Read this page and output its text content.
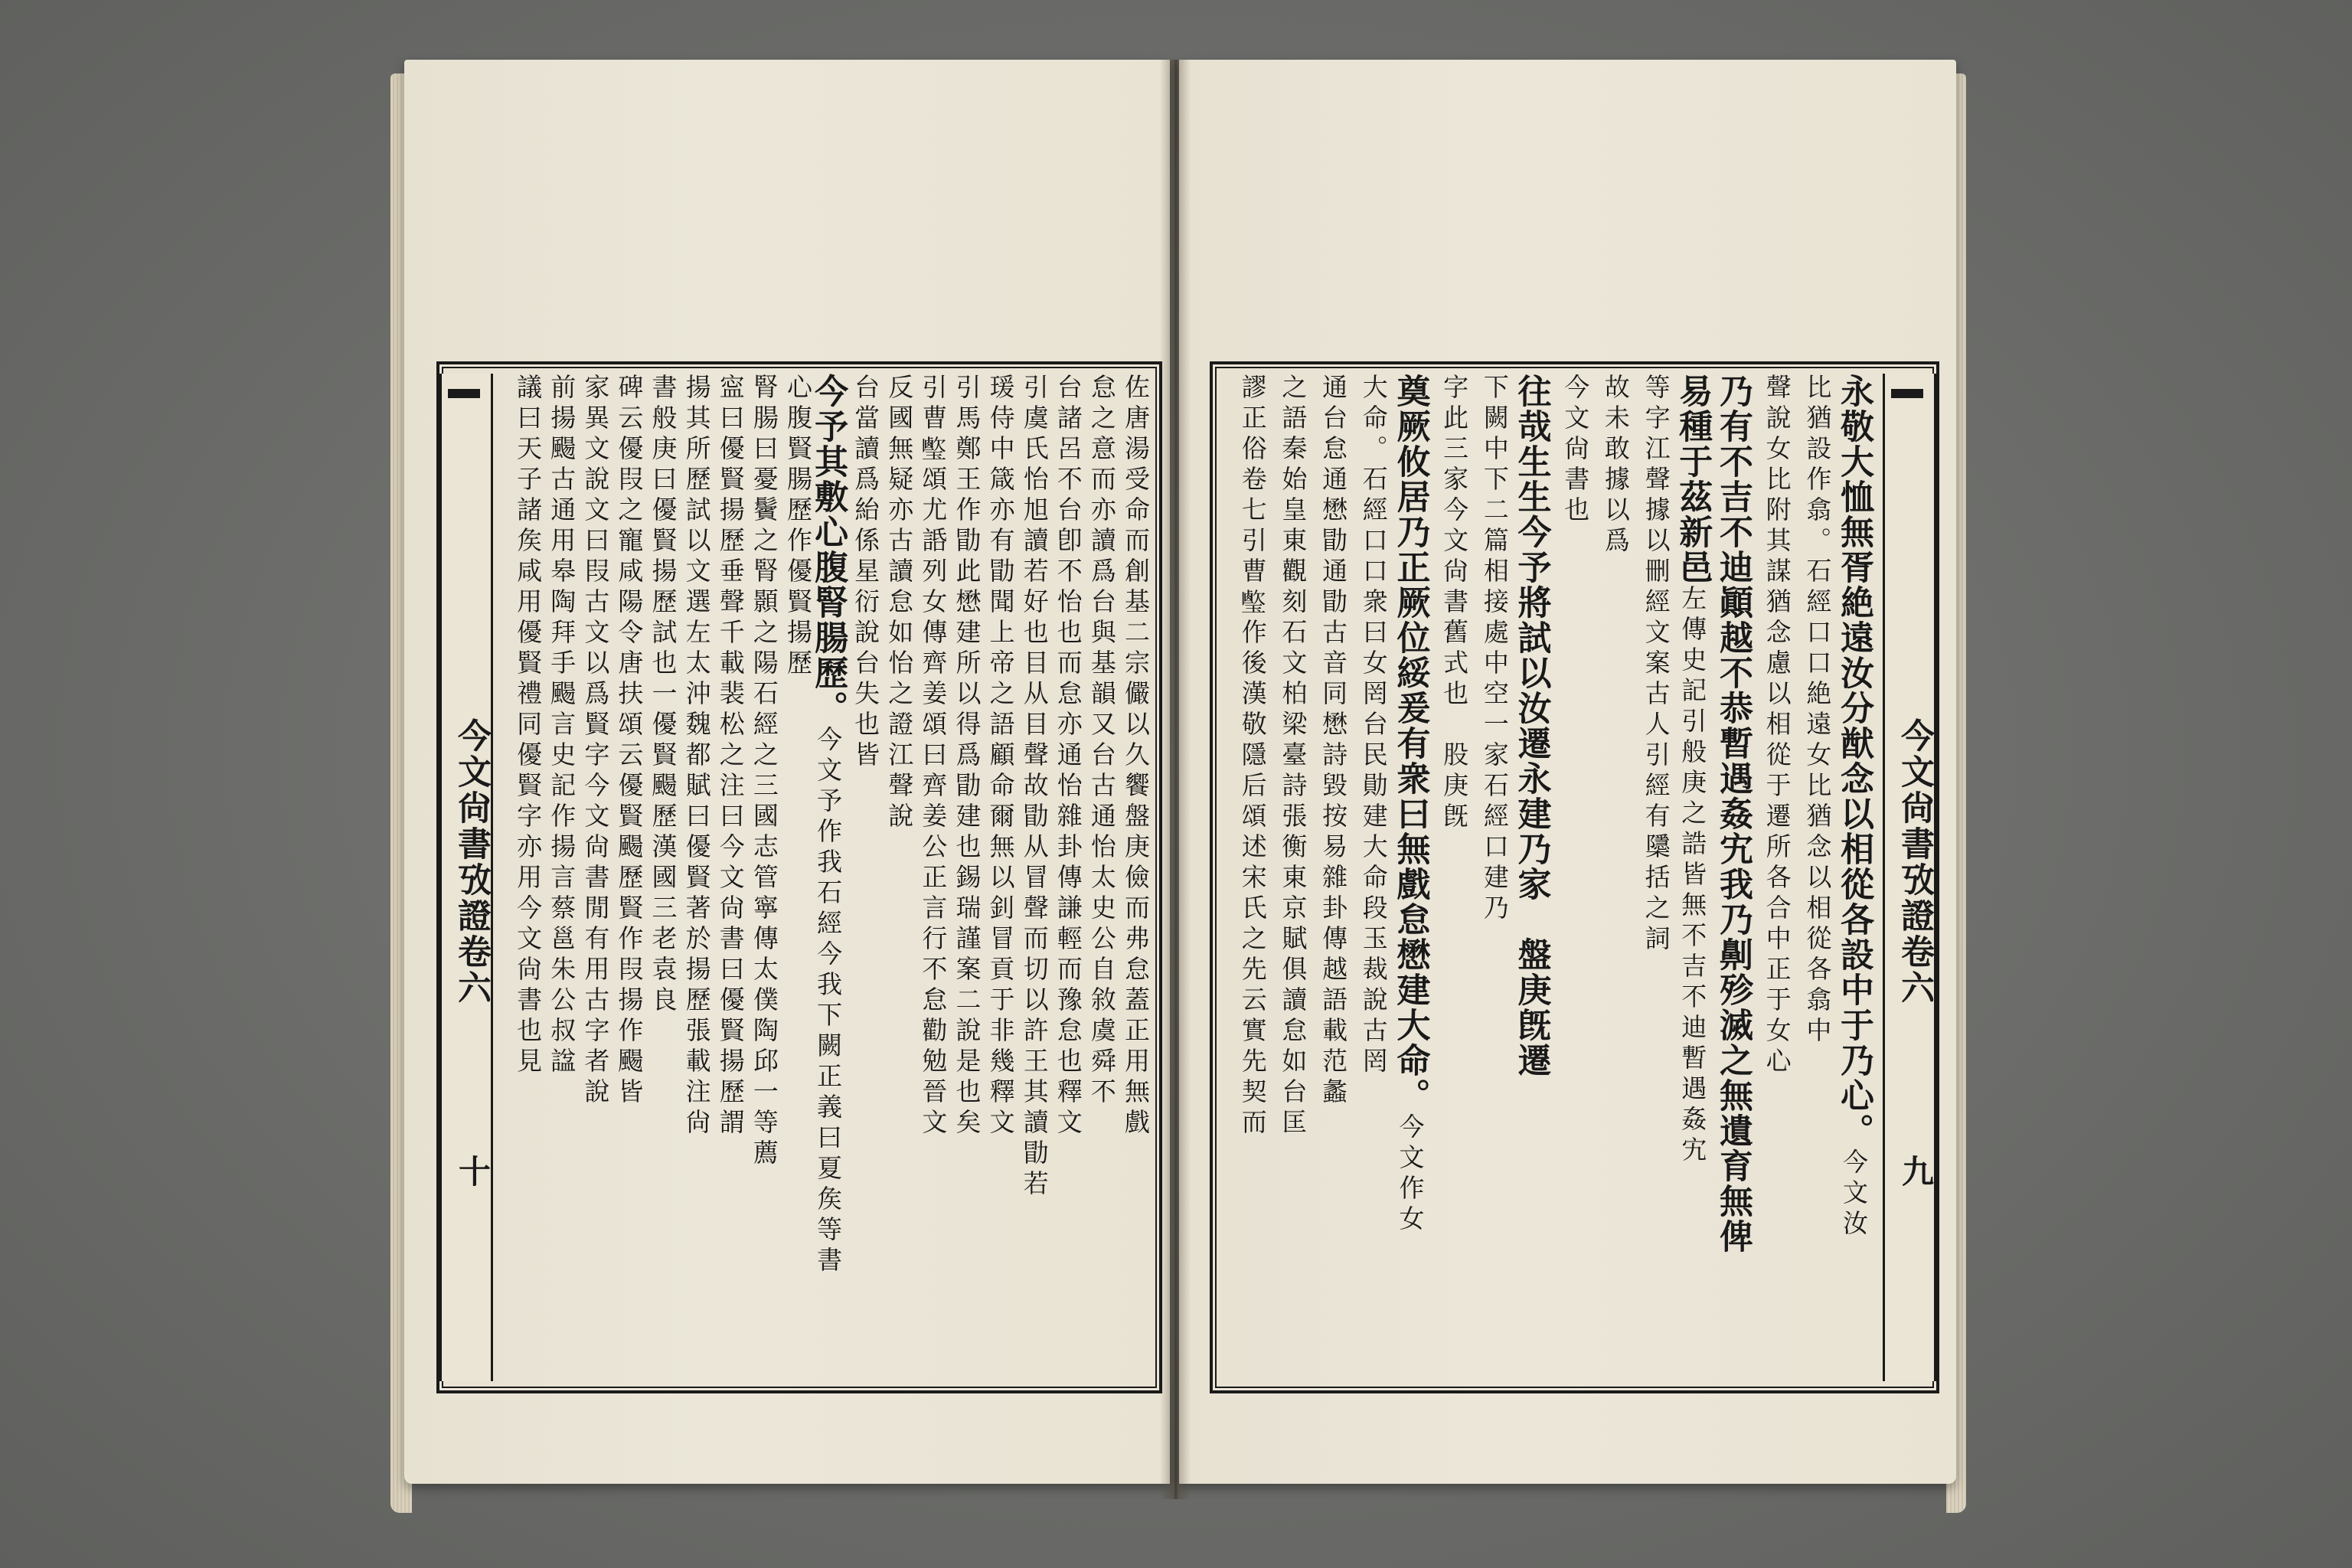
今文尙書攷證卷六
十
佐唐湯受命而創基二宗儼以久饗盤庚儉而弗怠蓋正用無戲
怠之意而亦讀爲台與基韻又台古通怡太史公自敘虞舜不
台諸呂不台卽不怡也而怠亦通怡雜卦傳謙輕而豫怠也釋文
引虞氏怡旭讀若好也目从目聲故勖从冒聲而切以許王其讀勖若
瑗侍中箴亦有勖聞上帝之語顧命爾無以釗冒貢于非幾釋文
引馬鄭王作勖此懋建所以得爲勖建也錫瑞謹案二說是也矣
引曹𤪎頌尤䛡列女傳齊姜頌曰齊姜公正言行不怠勸勉晉文
反國無疑亦古讀怠如怡之證江聲說
台當讀爲紿係星衍說台失也皆
今予其敷心腹腎腸歷。今文予作我石經今我下闕正義曰夏矦等書
心腹賢腸歷作優賢揚歷
腎腸曰憂鬢之腎顥之陽石經之三國志管寧傳太僕陶邱一等薦
寍曰優賢揚歷垂聲千載裴松之注曰今文尙書曰優賢揚歷謂
揚其所歷試以文選左太沖魏都賦曰優賢著於揚歷張載注尙
書般庚曰優賢揚歷試也一優賢颺歷漢國三老袁良
碑云優叚之寵咸陽令唐扶頌云優賢颺歷賢作叚揚作颺皆
家異文說文曰叚古文以爲賢字今文尙書閒有用古字者說
前揚颺古通用皋陶拜手颺言史記作揚言蔡邕朱公叔諡
議曰天子諸矦咸用優賢禮同優賢字亦用今文尙書也見	今文尙書攷證卷六
九
永敬大恤無胥絶遠汝分猷念以相從各設中于乃心。今文汝
比猶設作翕。石經口口絶遠女比猶念以相從各翕中
聲說女比附其謀猶念慮以相從于遷所各合中正于女心
乃有不吉不迪顚越不恭暫遇姦宄我乃劓殄滅之無遺育無俾
易種于茲新邑左傳史記引般庚之誥皆無不吉不迪暫遇姦宄
等字江聲據以刪經文案古人引經有櫽括之詞
故未敢據以爲
今文尙書也
往哉生生今予將試以汝遷永建乃家　盤庚旣遷
下闕中下二篇相接處中空一家石經口建乃
字此三家今文尙書舊式也　股庚旣
奠厥攸居乃正厥位綏爰有衆曰無戲怠懋建大命。今文作女
大命。石經口口衆曰女罔台民勛建大命段玉裁說古罔
通台怠通懋勖通勖古音同懋詩毀按易雜卦傳越語載范蠡
之語秦始皇東觀刻石文柏梁臺詩張衡東京賦俱讀怠如台匡
謬正俗卷七引曹𤪎作後漢敬隱后頌述宋氏之先云實先契而
